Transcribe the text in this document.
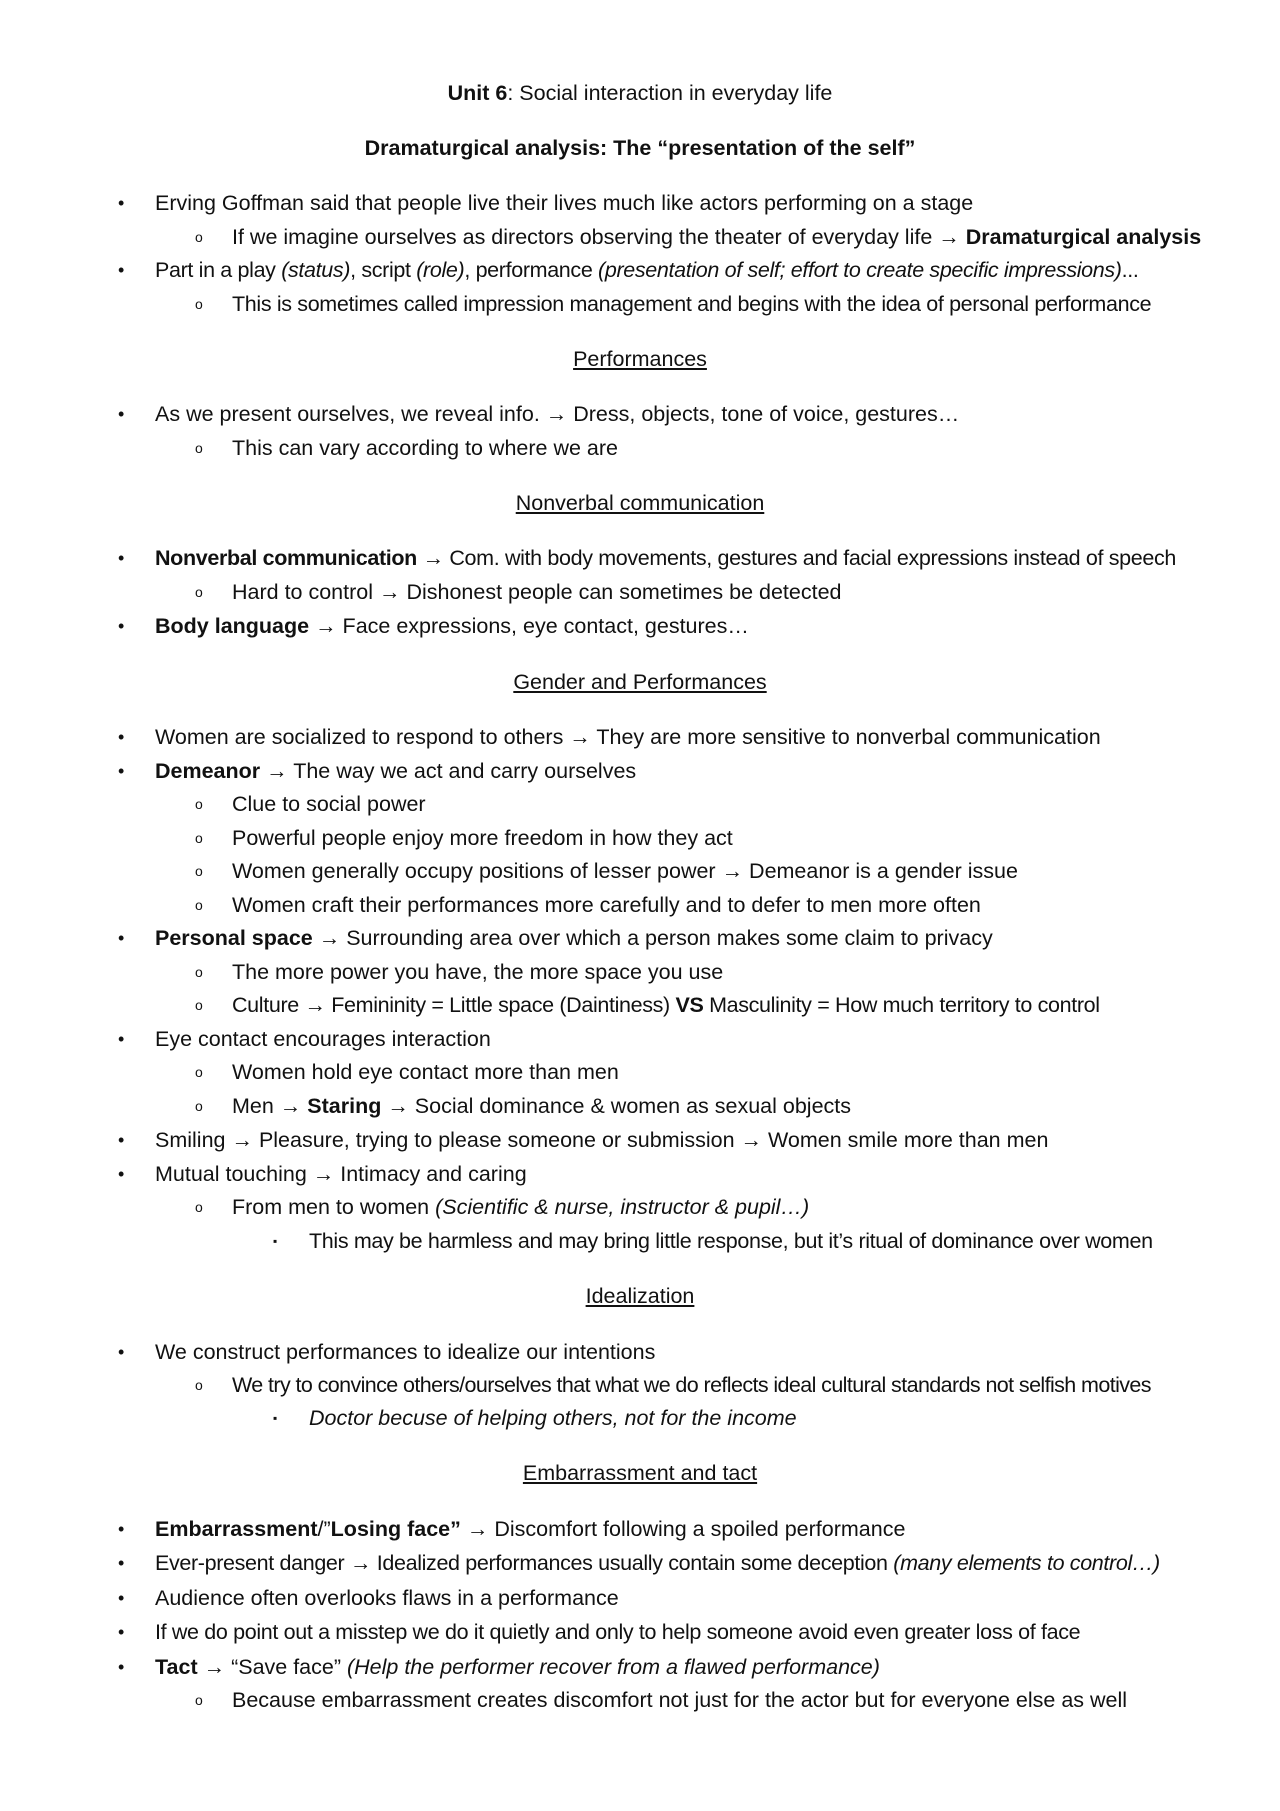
Unit 6: Social interaction in everyday life
Dramaturgical analysis: The “presentation of the self”
• Erving Goffman said that people live their lives much like actors performing on a stage
o If we imagine ourselves as directors observing the theater of everyday life → Dramaturgical analysis
• Part in a play (status), script (role), performance (presentation of self; effort to create specific impressions)...
o This is sometimes called impression management and begins with the idea of personal performance
Performances
• As we present ourselves, we reveal info. → Dress, objects, tone of voice, gestures…
o This can vary according to where we are
Nonverbal communication
• Nonverbal communication → Com. with body movements, gestures and facial expressions instead of speech
o Hard to control → Dishonest people can sometimes be detected
• Body language → Face expressions, eye contact, gestures…
Gender and Performances
• Women are socialized to respond to others → They are more sensitive to nonverbal communication
• Demeanor → The way we act and carry ourselves
o Clue to social power
o Powerful people enjoy more freedom in how they act
o Women generally occupy positions of lesser power → Demeanor is a gender issue
o Women craft their performances more carefully and to defer to men more often
• Personal space → Surrounding area over which a person makes some claim to privacy
o The more power you have, the more space you use
o Culture → Femininity = Little space (Daintiness) VS Masculinity = How much territory to control
• Eye contact encourages interaction
o Women hold eye contact more than men
o Men → Staring → Social dominance & women as sexual objects
• Smiling → Pleasure, trying to please someone or submission → Women smile more than men
• Mutual touching → Intimacy and caring
o From men to women (Scientific & nurse, instructor & pupil…)
▪ This may be harmless and may bring little response, but it’s ritual of dominance over women
Idealization
• We construct performances to idealize our intentions
o We try to convince others/ourselves that what we do reflects ideal cultural standards not selfish motives
▪ Doctor becuse of helping others, not for the income
Embarrassment and tact
• Embarrassment/”Losing face” → Discomfort following a spoiled performance
• Ever-present danger → Idealized performances usually contain some deception (many elements to control…)
• Audience often overlooks flaws in a performance
• If we do point out a misstep we do it quietly and only to help someone avoid even greater loss of face
• Tact → “Save face” (Help the performer recover from a flawed performance)
o Because embarrassment creates discomfort not just for the actor but for everyone else as well
